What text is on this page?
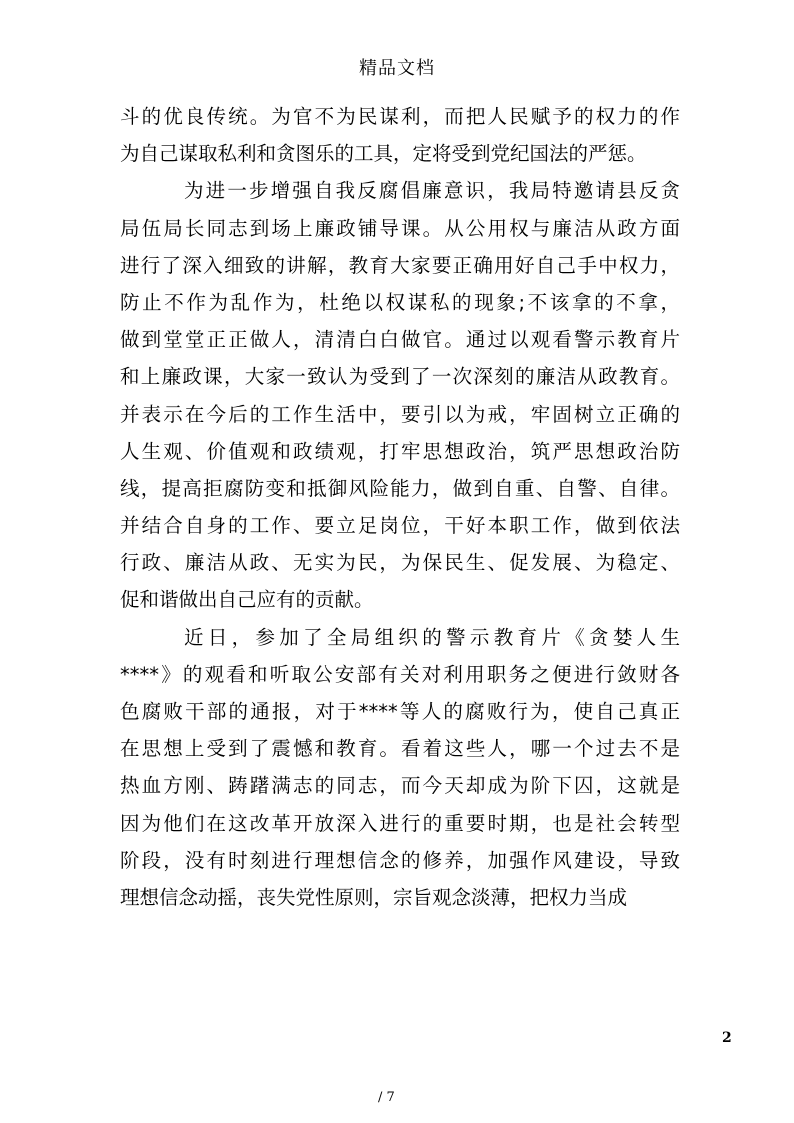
精品文档
斗的优良传统。为官不为民谋利，而把人民赋予的权力的作
为自己谋取私利和贪图乐的工具，定将受到党纪国法的严惩。
为进一步增强自我反腐倡廉意识，我局特邀请县反贪
局伍局长同志到场上廉政铺导课。从公用权与廉洁从政方面
进行了深入细致的讲解，教育大家要正确用好自己手中权力，
防止不作为乱作为，杜绝以权谋私的现象;不该拿的不拿，
做到堂堂正正做人，清清白白做官。通过以观看警示教育片
和上廉政课，大家一致认为受到了一次深刻的廉洁从政教育。
并表示在今后的工作生活中，要引以为戒，牢固树立正确的
人生观、价值观和政绩观，打牢思想政治，筑严思想政治防
线，提高拒腐防变和抵御风险能力，做到自重、自警、自律。
并结合自身的工作、要立足岗位，干好本职工作，做到依法
行政、廉洁从政、无实为民，为保民生、促发展、为稳定、
促和谐做出自己应有的贡献。
近日，参加了全局组织的警示教育片《贪婪人生
****》的观看和听取公安部有关对利用职务之便进行敛财各
色腐败干部的通报，对于****等人的腐败行为，使自己真正
在思想上受到了震憾和教育。看着这些人，哪一个过去不是
热血方刚、踌躇满志的同志，而今天却成为阶下囚，这就是
因为他们在这改革开放深入进行的重要时期，也是社会转型
阶段，没有时刻进行理想信念的修养，加强作风建设，导致
理想信念动摇，丧失党性原则，宗旨观念淡薄，把权力当成
2
/ 7
